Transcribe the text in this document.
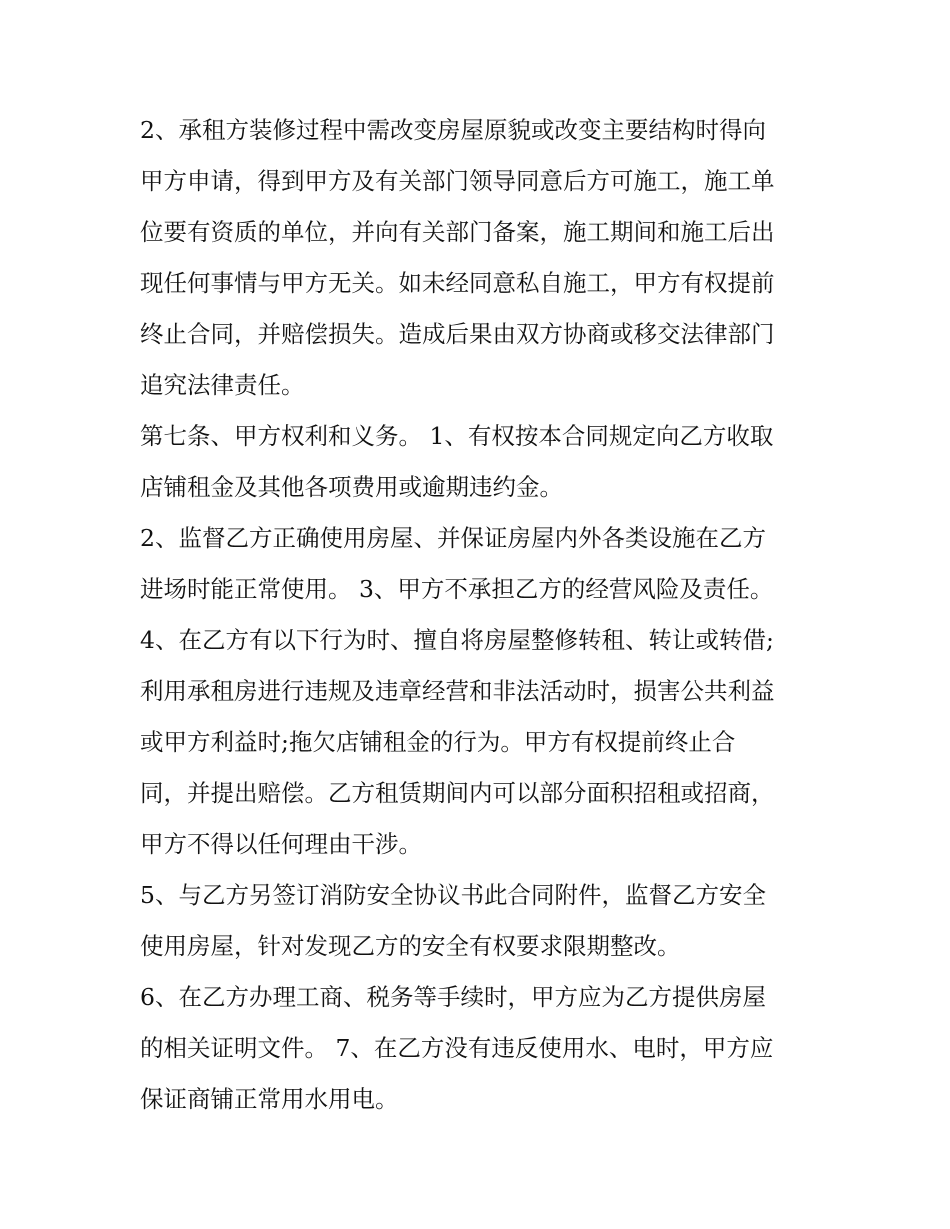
2、承租方装修过程中需改变房屋原貌或改变主要结构时得向
甲方申请，得到甲方及有关部门领导同意后方可施工，施工单
位要有资质的单位，并向有关部门备案，施工期间和施工后出
现任何事情与甲方无关。如未经同意私自施工，甲方有权提前
终止合同，并赔偿损失。造成后果由双方协商或移交法律部门
追究法律责任。
第七条、甲方权利和义务。 1、有权按本合同规定向乙方收取
店铺租金及其他各项费用或逾期违约金。
2、监督乙方正确使用房屋、并保证房屋内外各类设施在乙方
进场时能正常使用。 3、甲方不承担乙方的经营风险及责任。
4、在乙方有以下行为时、擅自将房屋整修转租、转让或转借;
利用承租房进行违规及违章经营和非法活动时，损害公共利益
或甲方利益时;拖欠店铺租金的行为。甲方有权提前终止合
同，并提出赔偿。乙方租赁期间内可以部分面积招租或招商，
甲方不得以任何理由干涉。
5、与乙方另签订消防安全协议书此合同附件，监督乙方安全
使用房屋，针对发现乙方的安全有权要求限期整改。
6、在乙方办理工商、税务等手续时，甲方应为乙方提供房屋
的相关证明文件。 7、在乙方没有违反使用水、电时，甲方应
保证商铺正常用水用电。
